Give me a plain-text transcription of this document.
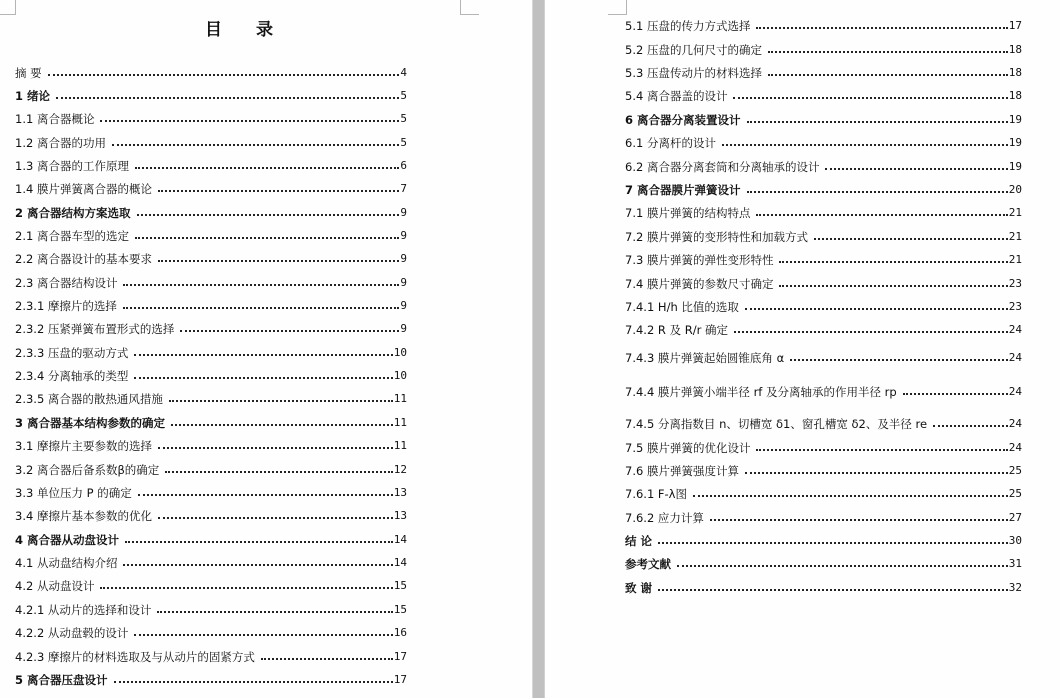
目 录
摘 要	4
1 绪论	5
1.1 离合器概论	5
1.2 离合器的功用	5
1.3 离合器的工作原理	6
1.4 膜片弹簧离合器的概论	7
2 离合器结构方案选取	9
2.1 离合器车型的选定	9
2.2 离合器设计的基本要求	9
2.3 离合器结构设计	9
2.3.1 摩擦片的选择	9
2.3.2 压紧弹簧布置形式的选择	9
2.3.3 压盘的驱动方式	10
2.3.4 分离轴承的类型	10
2.3.5 离合器的散热通风措施	11
3 离合器基本结构参数的确定	11
3.1 摩擦片主要参数的选择	11
3.2 离合器后备系数β的确定	12
3.3 单位压力 P 的确定	13
3.4 摩擦片基本参数的优化	13
4 离合器从动盘设计	14
4.1 从动盘结构介绍	14
4.2 从动盘设计	15
4.2.1 从动片的选择和设计	15
4.2.2 从动盘毂的设计	16
4.2.3 摩擦片的材料选取及与从动片的固紧方式	17
5 离合器压盘设计	17
5.1 压盘的传力方式选择	17
5.2 压盘的几何尺寸的确定	18
5.3 压盘传动片的材料选择	18
5.4 离合器盖的设计	18
6 离合器分离装置设计	19
6.1 分离杆的设计	19
6.2 离合器分离套筒和分离轴承的设计	19
7 离合器膜片弹簧设计	20
7.1 膜片弹簧的结构特点	21
7.2 膜片弹簧的变形特性和加载方式	21
7.3 膜片弹簧的弹性变形特性	21
7.4 膜片弹簧的参数尺寸确定	23
7.4.1 H/h 比值的选取	23
7.4.2 R 及 R/r 确定	24
7.4.3 膜片弹簧起始圆锥底角 α	24
7.4.4 膜片弹簧小端半径 rf 及分离轴承的作用半径 rp	24
7.4.5 分离指数目 n、切槽宽 δ1、窗孔槽宽 δ2、及半径 re	24
7.5 膜片弹簧的优化设计	24
7.6 膜片弹簧强度计算	25
7.6.1 F-λ图	25
7.6.2 应力计算	27
结 论	30
参考文献	31
致 谢	32
